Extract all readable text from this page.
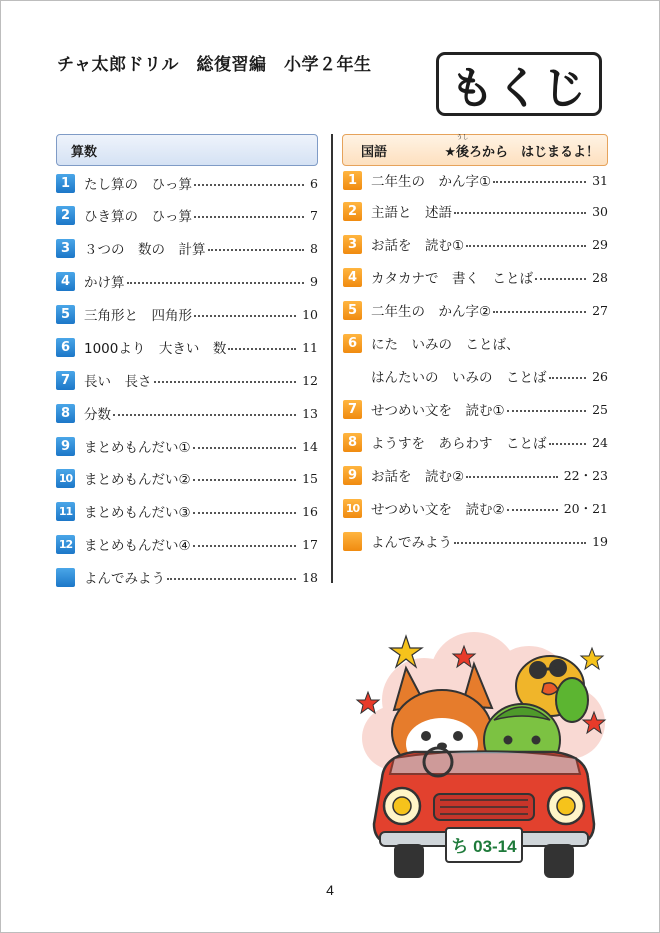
チャ太郎ドリル　総復習編　小学２年生 もくじ
算数
1	たし算の　ひっ算	6
2	ひき算の　ひっ算	7
3	３つの　数の　計算	8
4	かけ算	9
5	三角形と　四角形	10
6	1000より　大きい　数	11
7	長い　長さ	12
8	分数	13
9	まとめもんだい①	14
10 まとめもんだい②	15
11 まとめもんだい③	16
12 まとめもんだい④	17
よんでみよう	18
国語	★
うし
後ろから　はじまるよ！
1	二年生の　かん字①	31
2	主語と　述語	30
3	お話を　読む①	29
4	カタカナで　書く　ことば	28
5	二年生の　かん字②	27
6	にた　いみの　ことば、
はんたいの　いみの　ことば	26
7	せつめい文を　読む①	25
8	ようすを　あらわす　ことば	24
9	お話を　読む②	22・23
10 せつめい文を　読む②	20・21
よんでみよう	19
ち 03-14
4
